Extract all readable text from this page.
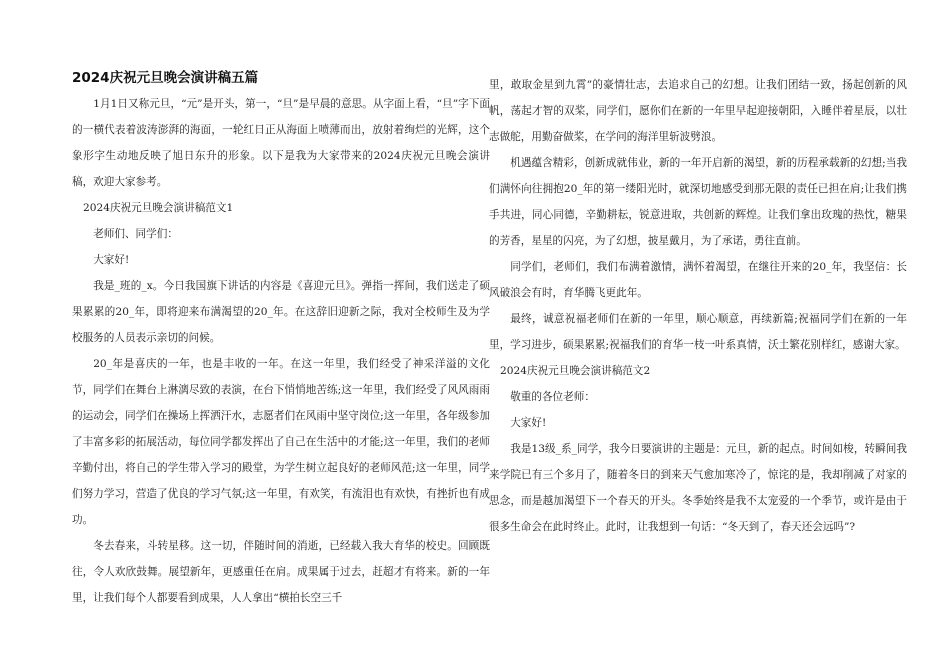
2024庆祝元旦晚会演讲稿五篇

1月1日又称元旦，“元”是开头，第一，“旦”是早晨的意思。从字面上看，“旦”字下面的一横代表着波涛澎湃的海面，一轮红日正从海面上喷薄而出，放射着绚烂的光辉，这个象形字生动地反映了旭日东升的形象。以下是我为大家带来的2024庆祝元旦晚会演讲稿，欢迎大家参考。

2024庆祝元旦晚会演讲稿范文1

老师们、同学们：

大家好!

我是_班的_x。今日我国旗下讲话的内容是《喜迎元旦》。弹指一挥间，我们送走了硕果累累的20_年，即将迎来布满渴望的20_年。在这辞旧迎新之际，我对全校师生及为学校服务的人员表示亲切的问候。

20_年是喜庆的一年，也是丰收的一年。在这一年里，我们经受了神采洋溢的文化节，同学们在舞台上淋漓尽致的表演，在台下悄悄地苦练;这一年里，我们经受了风风雨雨的运动会，同学们在操场上挥洒汗水，志愿者们在风雨中坚守岗位;这一年里，各年级参加了丰富多彩的拓展活动，每位同学都发挥出了自己在生活中的才能;这一年里，我们的老师辛勤付出，将自己的学生带入学习的殿堂，为学生树立起良好的老师风范;这一年里，同学们努力学习，营造了优良的学习气氛;这一年里，有欢笑，有流泪也有欢快，有挫折也有成功。

冬去春来，斗转星移。这一切，伴随时间的消逝，已经载入我大育华的校史。回顾既往，令人欢欣鼓舞。展望新年，更感重任在肩。成果属于过去，赶超才有将来。新的一年里，让我们每个人都要看到成果，人人拿出“横拍长空三千

里，敢取金星到九霄”的豪情壮志，去追求自己的幻想。让我们团结一致，扬起创新的风帆，荡起才智的双桨，同学们，愿你们在新的一年里早起迎接朝阳，入睡伴着星辰，以壮志做舵，用勤奋做桨，在学问的海洋里斩波劈浪。

机遇蕴含精彩，创新成就伟业，新的一年开启新的渴望，新的历程承载新的幻想;当我们满怀向往拥抱20_年的第一缕阳光时，就深切地感受到那无限的责任已担在肩;让我们携手共进，同心同德，辛勤耕耘，锐意进取，共创新的辉煌。让我们拿出玫瑰的热忱，糖果的芳香，星星的闪亮，为了幻想，披星戴月，为了承诺，勇往直前。

同学们，老师们，我们布满着激情，满怀着渴望，在继往开来的20_年，我坚信：长风破浪会有时，育华腾飞更此年。

最终，诚意祝福老师们在新的一年里，顺心顺意，再续新篇;祝福同学们在新的一年里，学习进步，硕果累累;祝福我们的育华一枝一叶系真情，沃土繁花别样红，感谢大家。

2024庆祝元旦晚会演讲稿范文2

敬重的各位老师：

大家好!

我是13级_系_同学，我今日要演讲的主题是：元旦，新的起点。时间如梭，转瞬间我来学院已有三个多月了，随着冬日的到来天气愈加寒冷了，惊诧的是，我却削减了对家的思念，而是越加渴望下一个春天的开头。冬季始终是我不太宠爱的一个季节，或许是由于很多生命会在此时终止。此时，让我想到一句话：“冬天到了，春天还会远吗”?
